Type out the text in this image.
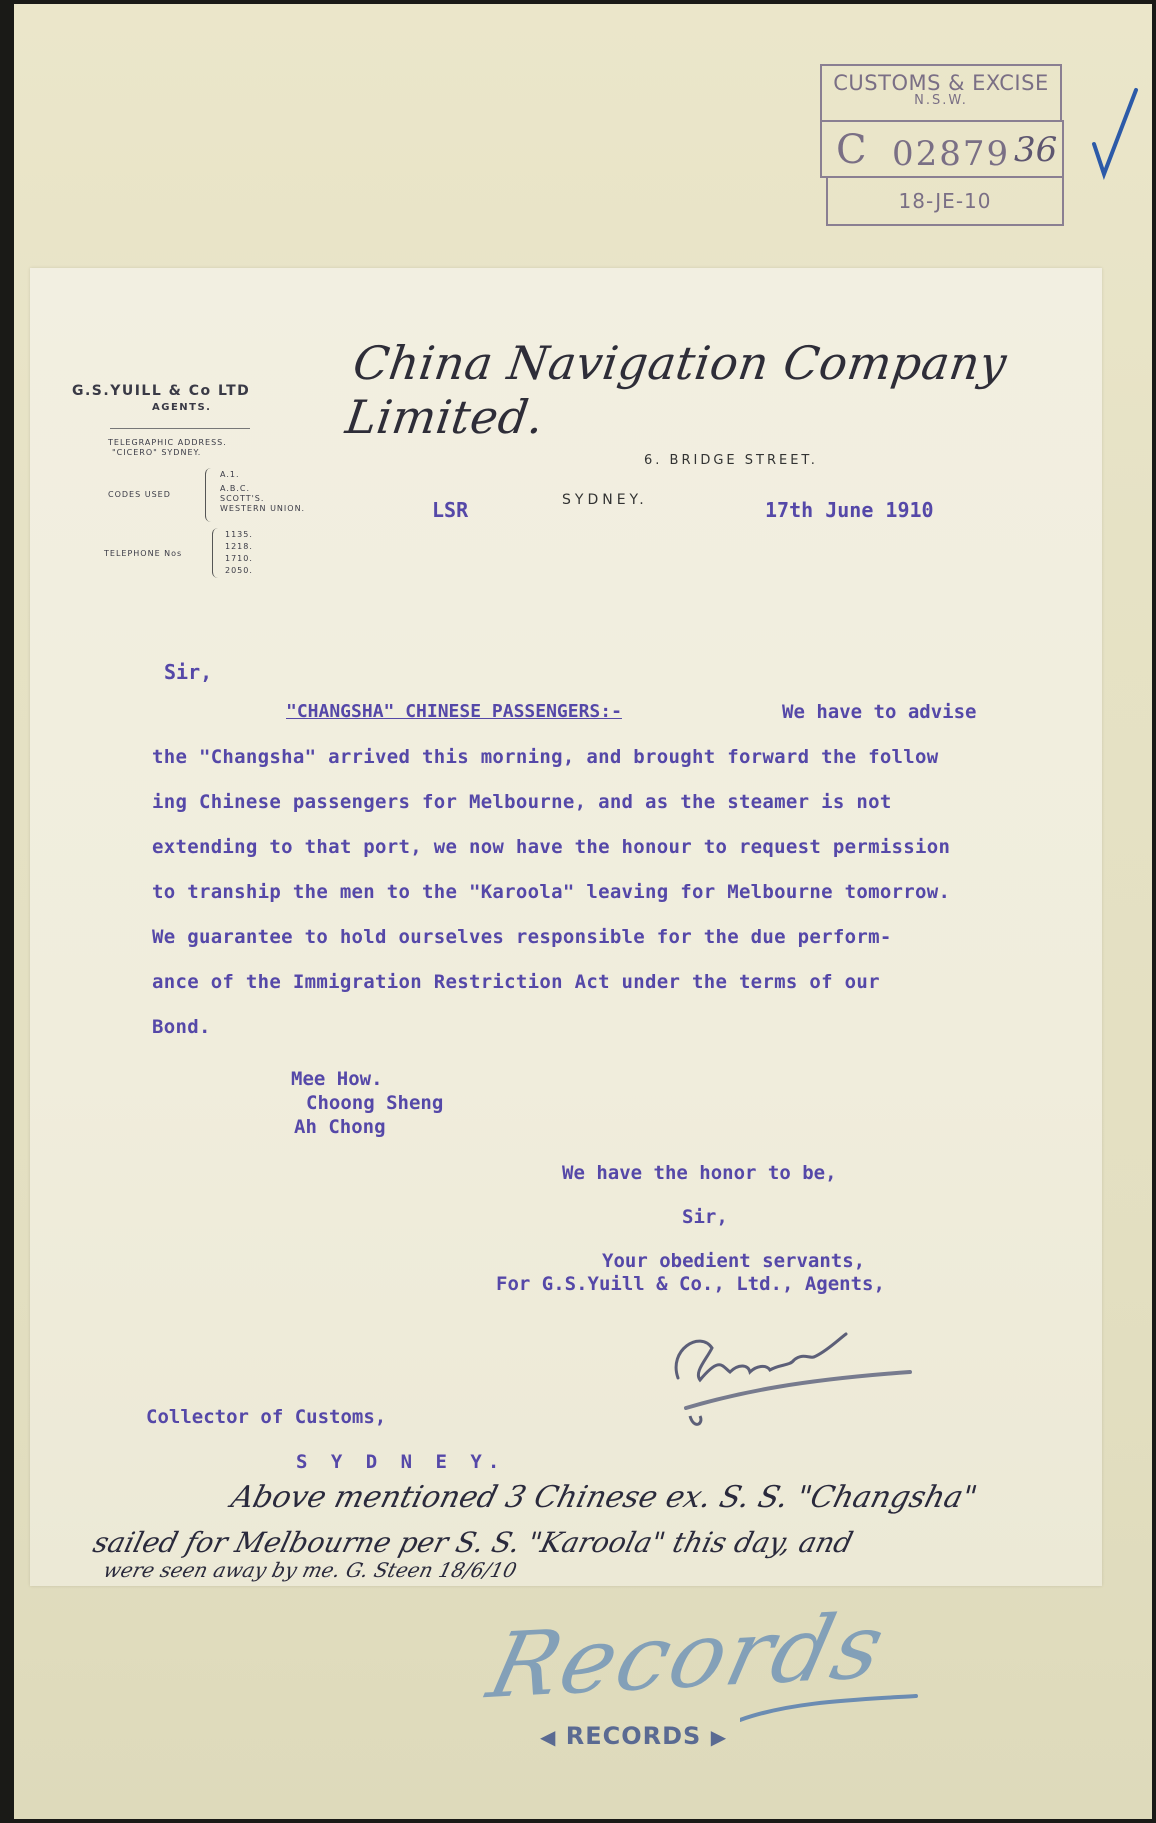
CUSTOMS & EXCISE
N.S.W.
C 02879 36
18-JE-10
G.S.YUILL & Co LTD
AGENTS.
TELEGRAPHIC ADDRESS.
"CICERO" SYDNEY.
CODES USED
A.1.
A.B.C.
SCOTT'S.
WESTERN UNION.
TELEPHONE Nos
1135.
1218.
1710.
2050.
China Navigation Company Limited.
6. BRIDGE STREET.
SYDNEY.
LSR	17th June 1910
Sir,
"CHANGSHA" CHINESE PASSENGERS:-	We have to advise
the "Changsha" arrived this morning, and brought forward the follow
ing Chinese passengers for Melbourne, and as the steamer is not
extending to that port, we now have the honour to request permission
to tranship the men to the "Karoola" leaving for Melbourne tomorrow.
We guarantee to hold ourselves responsible for the due perform-
ance of the Immigration Restriction Act under the terms of our
Bond.
Mee How.
Choong Sheng
Ah Chong
We have the honor to be,
Sir,
Your obedient servants,
For G.S.Yuill & Co., Ltd., Agents,
Collector of Customs,
S Y D N E Y.
Above mentioned 3 Chinese ex. S. S. "Changsha"
sailed for Melbourne per S. S. "Karoola" this day, and
were seen away by me. G. Steen 18/6/10
Records
◀ RECORDS ▶
